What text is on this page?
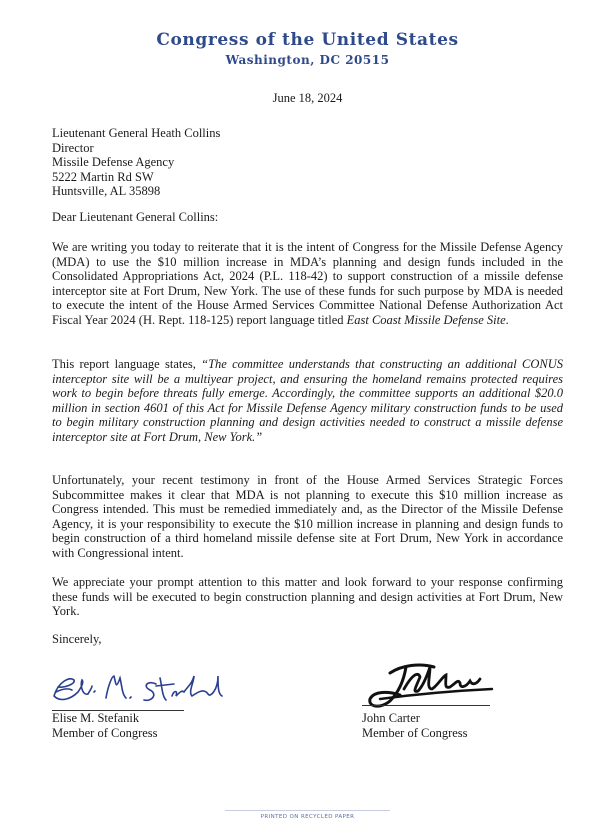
Congress of the United States
Washington, DC 20515
June 18, 2024
Lieutenant General Heath Collins
Director
Missile Defense Agency
5222 Martin Rd SW
Huntsville, AL 35898
Dear Lieutenant General Collins:

We are writing you today to reiterate that it is the intent of Congress for the Missile Defense Agency (MDA) to use the $10 million increase in MDA’s planning and design funds included in the Consolidated Appropriations Act, 2024 (P.L. 118-42) to support construction of a missile defense interceptor site at Fort Drum, New York. The use of these funds for such purpose by MDA is needed to execute the intent of the House Armed Services Committee National Defense Authorization Act Fiscal Year 2024 (H. Rept. 118-125) report language titled East Coast Missile Defense Site.

This report language states, “The committee understands that constructing an additional CONUS interceptor site will be a multiyear project, and ensuring the homeland remains protected requires work to begin before threats fully emerge. Accordingly, the committee supports an additional $20.0 million in section 4601 of this Act for Missile Defense Agency military construction funds to be used to begin military construction planning and design activities needed to construct a missile defense interceptor site at Fort Drum, New York.”

Unfortunately, your recent testimony in front of the House Armed Services Strategic Forces Subcommittee makes it clear that MDA is not planning to execute this $10 million increase as Congress intended. This must be remedied immediately and, as the Director of the Missile Defense Agency, it is your responsibility to execute the $10 million increase in planning and design funds to begin construction of a third homeland missile defense site at Fort Drum, New York in accordance with Congressional intent.

We appreciate your prompt attention to this matter and look forward to your response confirming these funds will be executed to begin construction planning and design activities at Fort Drum, New York.

Sincerely,
Elise M. Stefanik
Member of Congress
John Carter
Member of Congress
PRINTED ON RECYCLED PAPER
